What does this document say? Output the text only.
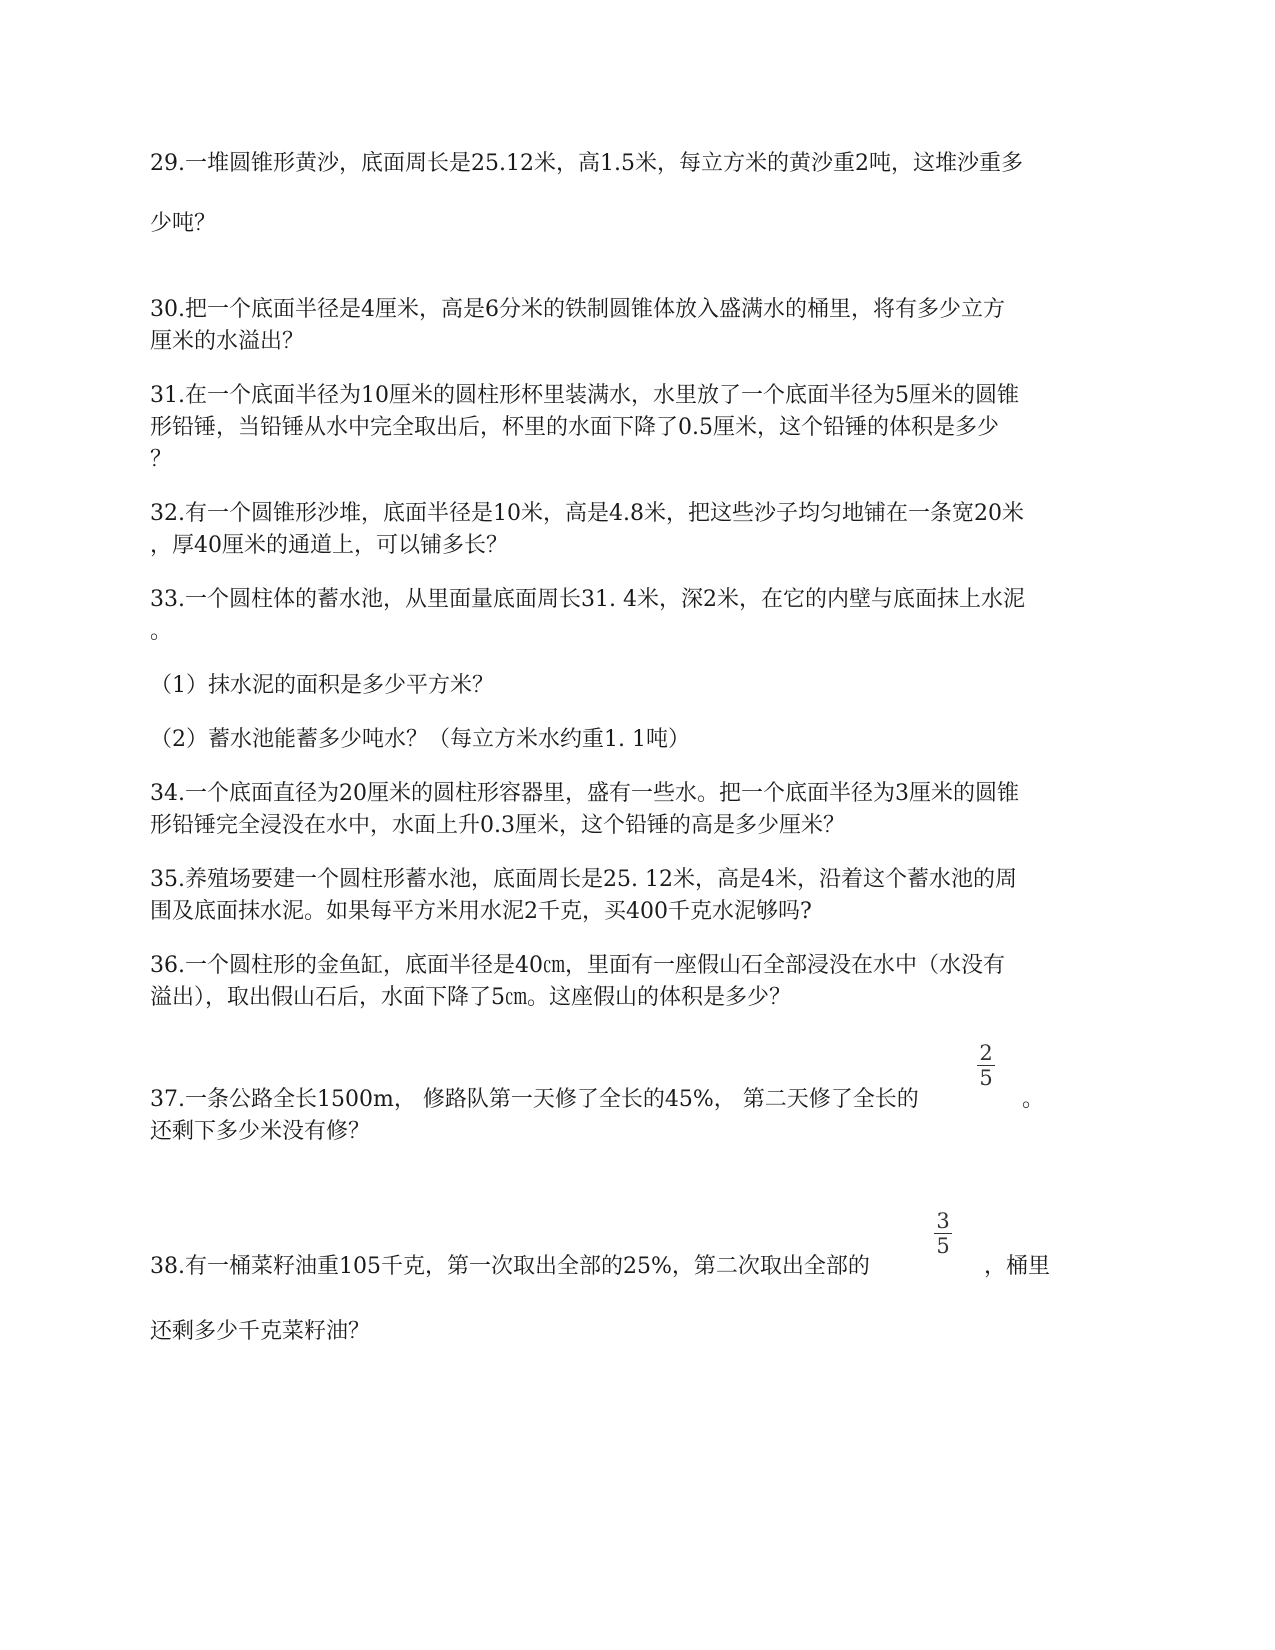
29.一堆圆锥形黄沙，底面周长是25.12米，高1.5米，每立方米的黄沙重2吨，这堆沙重多
少吨？
30.把一个底面半径是4厘米，高是6分米的铁制圆锥体放入盛满水的桶里，将有多少立方
厘米的水溢出？
31.在一个底面半径为10厘米的圆柱形杯里装满水，水里放了一个底面半径为5厘米的圆锥
形铅锤，当铅锤从水中完全取出后，杯里的水面下降了0.5厘米，这个铅锤的体积是多少
？
32.有一个圆锥形沙堆，底面半径是10米，高是4.8米，把这些沙子均匀地铺在一条宽20米
，厚40厘米的通道上，可以铺多长？
33.一个圆柱体的蓄水池，从里面量底面周长31. 4米，深2米，在它的内壁与底面抹上水泥
。
（1）抹水泥的面积是多少平方米？
（2）蓄水池能蓄多少吨水？（每立方米水约重1. 1吨）
34.一个底面直径为20厘米的圆柱形容器里，盛有一些水。把一个底面半径为3厘米的圆锥
形铅锤完全浸没在水中，水面上升0.3厘米，这个铅锤的高是多少厘米？
35.养殖场要建一个圆柱形蓄水池，底面周长是25. 12米，高是4米，沿着这个蓄水池的周
围及底面抹水泥。如果每平方米用水泥2千克，买400千克水泥够吗?
36.一个圆柱形的金鱼缸，底面半径是40㎝，里面有一座假山石全部浸没在水中（水没有
溢出），取出假山石后，水面下降了5㎝。这座假山的体积是多少？
2
5
37.一条公路全长1500m， 修路队第一天修了全长的45%， 第二天修了全长的	。
还剩下多少米没有修？
3
5
38.有一桶菜籽油重105千克，第一次取出全部的25%，第二次取出全部的	，桶里
还剩多少千克菜籽油？
